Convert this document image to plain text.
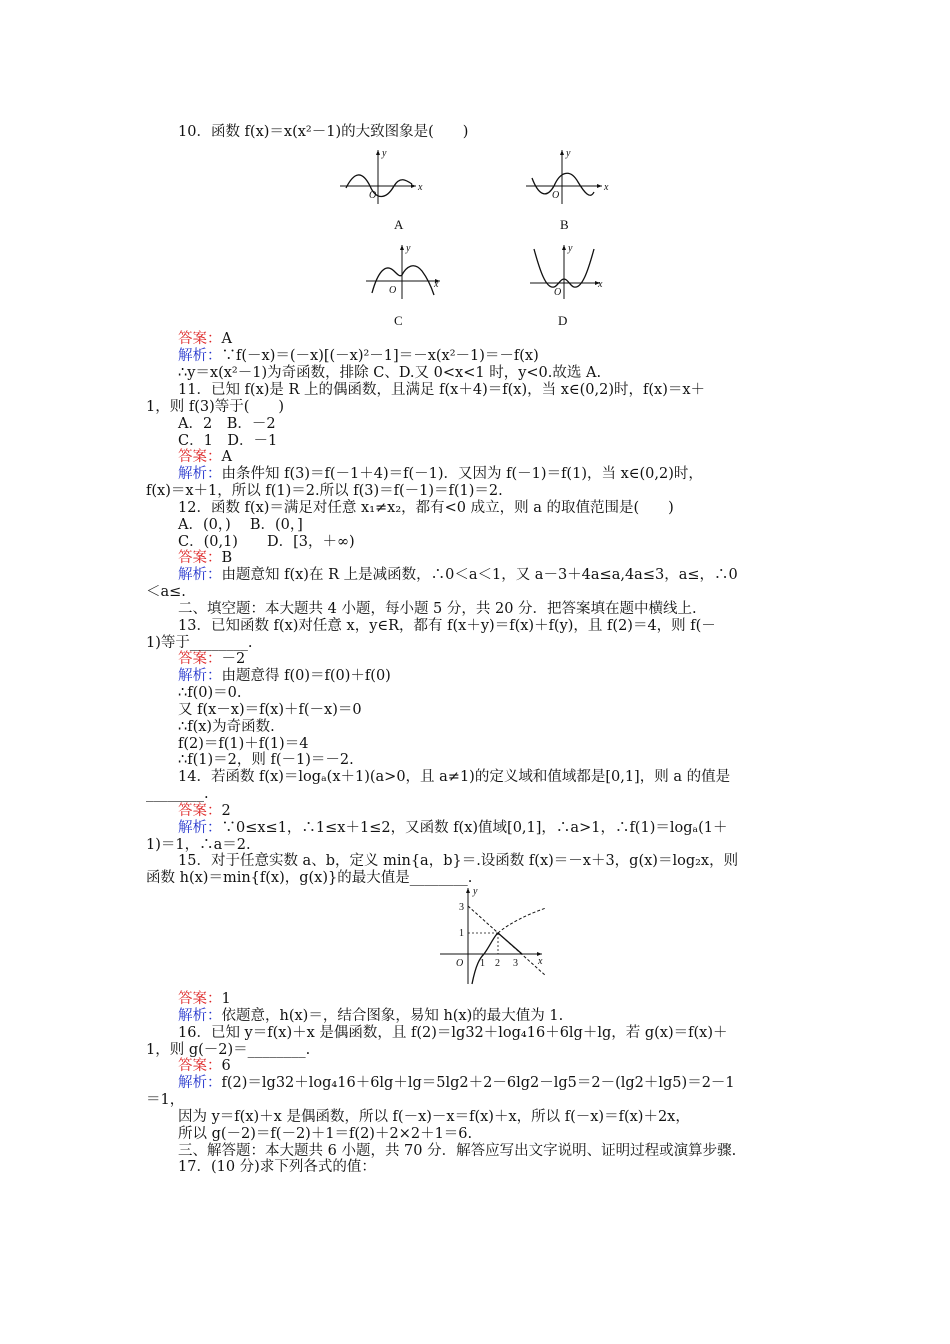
10．函数 f(x)＝x(x²－1)的大致图象是(　　)
y
x
O
A
y
x
O
B
y
x
O
C
y
x
O
D
答案：A
解析：∵f(－x)＝(－x)[(－x)²－1]＝－x(x²－1)＝－f(x)
∴y＝x(x²－1)为奇函数，排除 C、D.又 0<x<1 时，y<0.故选 A.
11．已知 f(x)是 R 上的偶函数，且满足 f(x＋4)＝f(x)，当 x∈(0,2)时，f(x)＝x＋
1，则 f(3)等于(　　)
A．2　B．－2
C．1　D．－1
答案：A
解析：由条件知 f(3)＝f(－1＋4)＝f(－1)．又因为 f(－1)＝f(1)，当 x∈(0,2)时，
f(x)＝x＋1，所以 f(1)＝2.所以 f(3)＝f(－1)＝f(1)＝2.
12．函数 f(x)＝满足对任意 x₁≠x₂，都有<0 成立，则 a 的取值范围是(　　)
A．(0，)　 B．(0，]
C．(0,1)　　D．[3，＋∞)
答案：B
解析：由题意知 f(x)在 R 上是减函数，∴0＜a＜1，又 a－3＋4a≤a,4a≤3，a≤，∴0
＜a≤.
二、填空题：本大题共 4 小题，每小题 5 分，共 20 分．把答案填在题中横线上.
13．已知函数 f(x)对任意 x，y∈R，都有 f(x＋y)＝f(x)＋f(y)，且 f(2)＝4，则 f(－
1)等于________.
答案：－2
解析：由题意得 f(0)＝f(0)＋f(0)
∴f(0)＝0.
又 f(x－x)＝f(x)＋f(－x)＝0
∴f(x)为奇函数.
f(2)＝f(1)＋f(1)＝4
∴f(1)＝2，则 f(－1)＝－2.
14．若函数 f(x)＝logₐ(x＋1)(a>0，且 a≠1)的定义域和值域都是[0,1]，则 a 的值是
________.
答案：2
解析：∵0≤x≤1，∴1≤x＋1≤2，又函数 f(x)值域[0,1]，∴a>1，∴f(1)＝logₐ(1＋
1)＝1，∴a＝2.
15．对于任意实数 a、b，定义 min{a，b}＝.设函数 f(x)＝－x＋3，g(x)＝log₂x，则
函数 h(x)＝min{f(x)，g(x)}的最大值是________.
y
x
O
3
1
1 2 3
答案：1
解析：依题意，h(x)＝，结合图象，易知 h(x)的最大值为 1.
16．已知 y＝f(x)＋x 是偶函数，且 f(2)＝lg32＋log₄16＋6lg＋lg，若 g(x)＝f(x)＋
1，则 g(－2)＝________.
答案：6
解析：f(2)＝lg32＋log₄16＋6lg＋lg＝5lg2＋2－6lg2－lg5＝2－(lg2＋lg5)＝2－1
＝1，
因为 y＝f(x)＋x 是偶函数，所以 f(－x)－x＝f(x)＋x，所以 f(－x)＝f(x)＋2x，
所以 g(－2)＝f(－2)＋1＝f(2)＋2×2＋1＝6.
三、解答题：本大题共 6 小题，共 70 分．解答应写出文字说明、证明过程或演算步骤.
17．(10 分)求下列各式的值：
